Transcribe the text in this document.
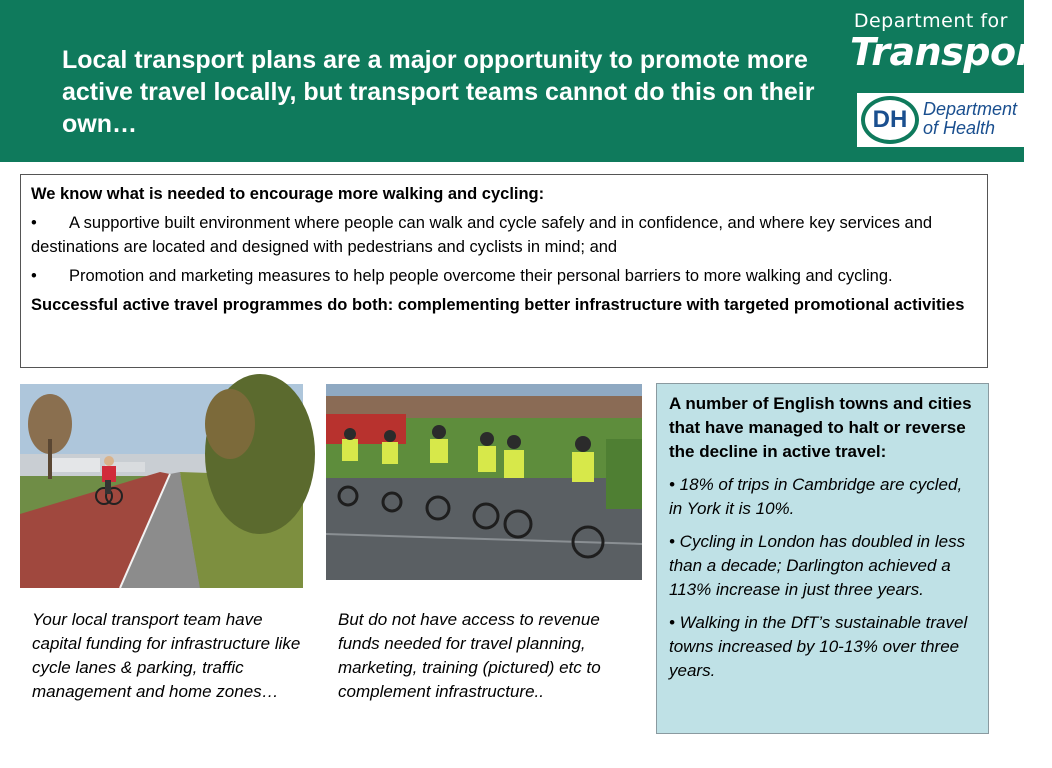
Local transport plans are a major opportunity to promote more active travel locally, but transport teams cannot do this on their own…
Department for
Transport
DH Department
of Health
We know what is needed to encourage more walking and cycling:
• A supportive built environment where people can walk and cycle safely and in confidence, and where key services and destinations are located and designed with pedestrians and cyclists in mind; and
• Promotion and marketing measures to help people overcome their personal barriers to more walking and cycling.
Successful active travel programmes do both: complementing better infrastructure with targeted promotional activities
Your local transport team have capital funding for infrastructure like cycle lanes & parking, traffic management and home zones…
But do not have access to revenue funds needed for travel planning, marketing, training (pictured) etc to complement infrastructure..
A number of English towns and cities that have managed to halt or reverse the decline in active travel:
• 18% of trips in Cambridge are cycled, in York it is 10%.
• Cycling in London has doubled in less than a decade; Darlington achieved a 113% increase in just three years.
• Walking in the DfT’s sustainable travel towns increased by 10-13% over three years.
